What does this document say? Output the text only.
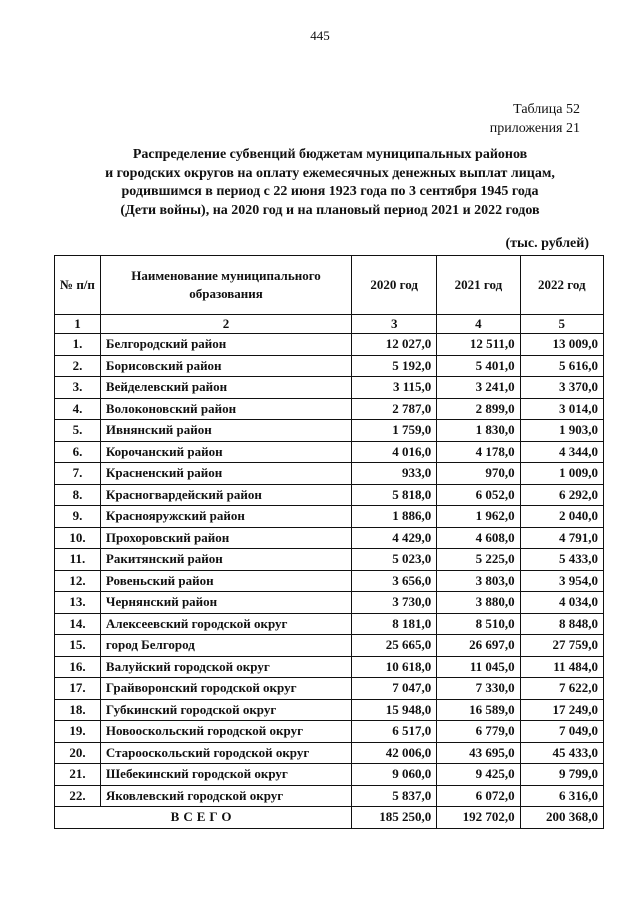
445
Таблица 52
приложения 21
Распределение субвенций бюджетам муниципальных районов
и городских округов на оплату ежемесячных денежных выплат лицам,
родившимся в период с 22 июня 1923 года по 3 сентября 1945 года
(Дети войны), на 2020 год и на плановый период 2021 и 2022 годов
(тыс. рублей)
№ п/п	Наименование муниципального образования	2020 год	2021 год	2022 год
1	2	3	4	5
1.	Белгородский район	12 027,0	12 511,0	13 009,0
2.	Борисовский район	5 192,0	5 401,0	5 616,0
3.	Вейделевский район	3 115,0	3 241,0	3 370,0
4.	Волоконовский район	2 787,0	2 899,0	3 014,0
5.	Ивнянский район	1 759,0	1 830,0	1 903,0
6.	Корочанский район	4 016,0	4 178,0	4 344,0
7.	Красненский район	933,0	970,0	1 009,0
8.	Красногвардейский район	5 818,0	6 052,0	6 292,0
9.	Краснояружский район	1 886,0	1 962,0	2 040,0
10.	Прохоровский район	4 429,0	4 608,0	4 791,0
11.	Ракитянский район	5 023,0	5 225,0	5 433,0
12.	Ровеньский район	3 656,0	3 803,0	3 954,0
13.	Чернянский район	3 730,0	3 880,0	4 034,0
14.	Алексеевский городской округ	8 181,0	8 510,0	8 848,0
15.	город Белгород	25 665,0	26 697,0	27 759,0
16.	Валуйский городской округ	10 618,0	11 045,0	11 484,0
17.	Грайворонский городской округ	7 047,0	7 330,0	7 622,0
18.	Губкинский городской округ	15 948,0	16 589,0	17 249,0
19.	Новооскольский городской округ	6 517,0	6 779,0	7 049,0
20.	Старооскольский городской округ	42 006,0	43 695,0	45 433,0
21.	Шебекинский городской округ	9 060,0	9 425,0	9 799,0
22.	Яковлевский городской округ	5 837,0	6 072,0	6 316,0
ВСЕГО		185 250,0	192 702,0	200 368,0
